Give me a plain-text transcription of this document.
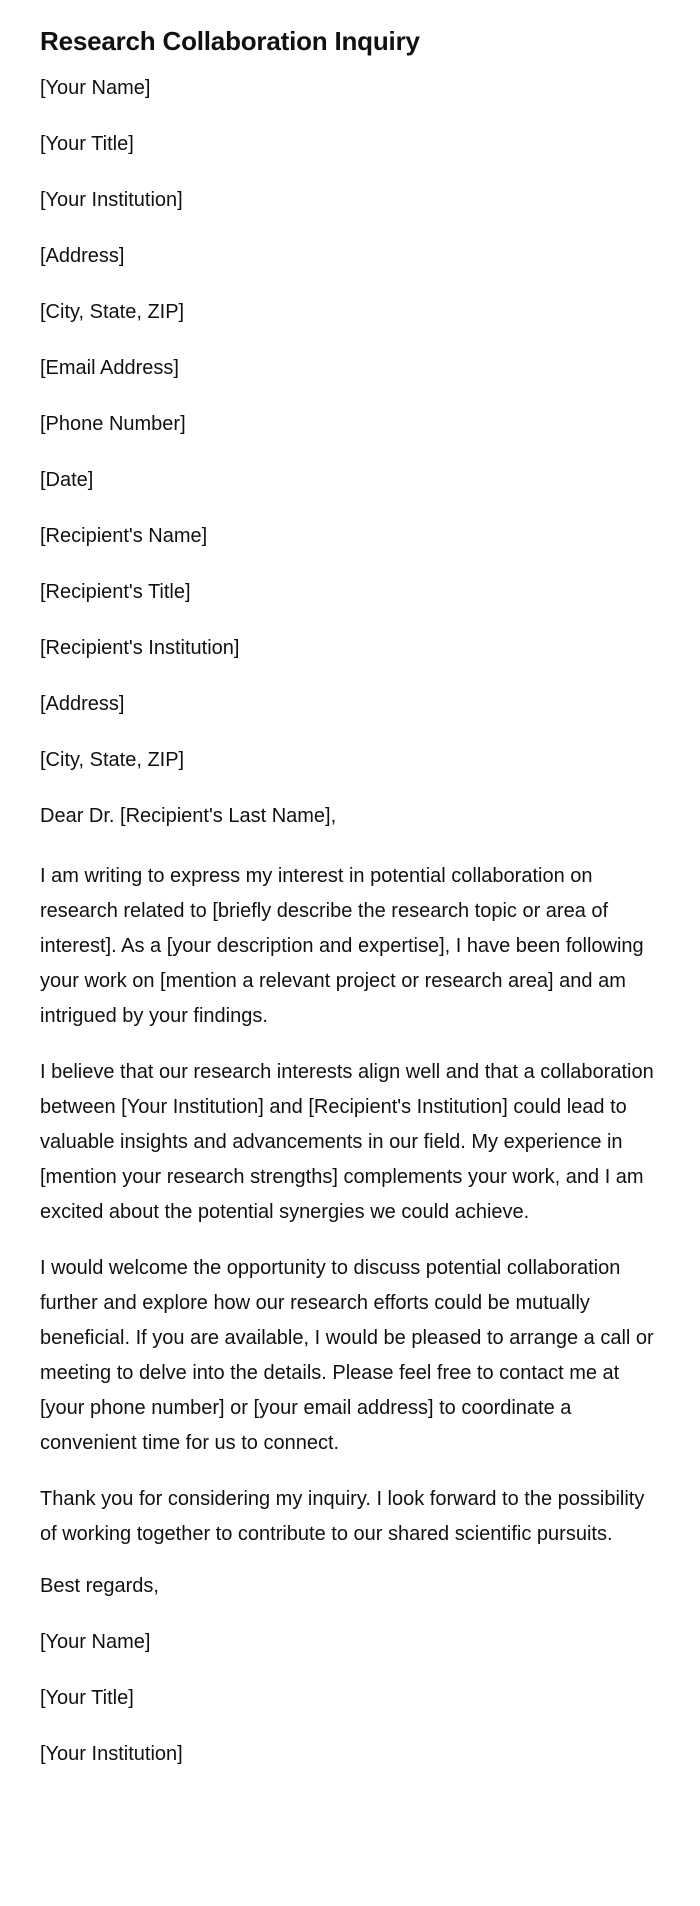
Research Collaboration Inquiry
[Your Name]
[Your Title]
[Your Institution]
[Address]
[City, State, ZIP]
[Email Address]
[Phone Number]
[Date]
[Recipient's Name]
[Recipient's Title]
[Recipient's Institution]
[Address]
[City, State, ZIP]
Dear Dr. [Recipient's Last Name],

I am writing to express my interest in potential collaboration on research related to [briefly describe the research topic or area of interest]. As a [your description and expertise], I have been following your work on [mention a relevant project or research area] and am intrigued by your findings.

I believe that our research interests align well and that a collaboration between [Your Institution] and [Recipient's Institution] could lead to valuable insights and advancements in our field. My experience in [mention your research strengths] complements your work, and I am excited about the potential synergies we could achieve.

I would welcome the opportunity to discuss potential collaboration further and explore how our research efforts could be mutually beneficial. If you are available, I would be pleased to arrange a call or meeting to delve into the details. Please feel free to contact me at [your phone number] or [your email address] to coordinate a convenient time for us to connect.

Thank you for considering my inquiry. I look forward to the possibility of working together to contribute to our shared scientific pursuits.

Best regards,
[Your Name]
[Your Title]
[Your Institution]
